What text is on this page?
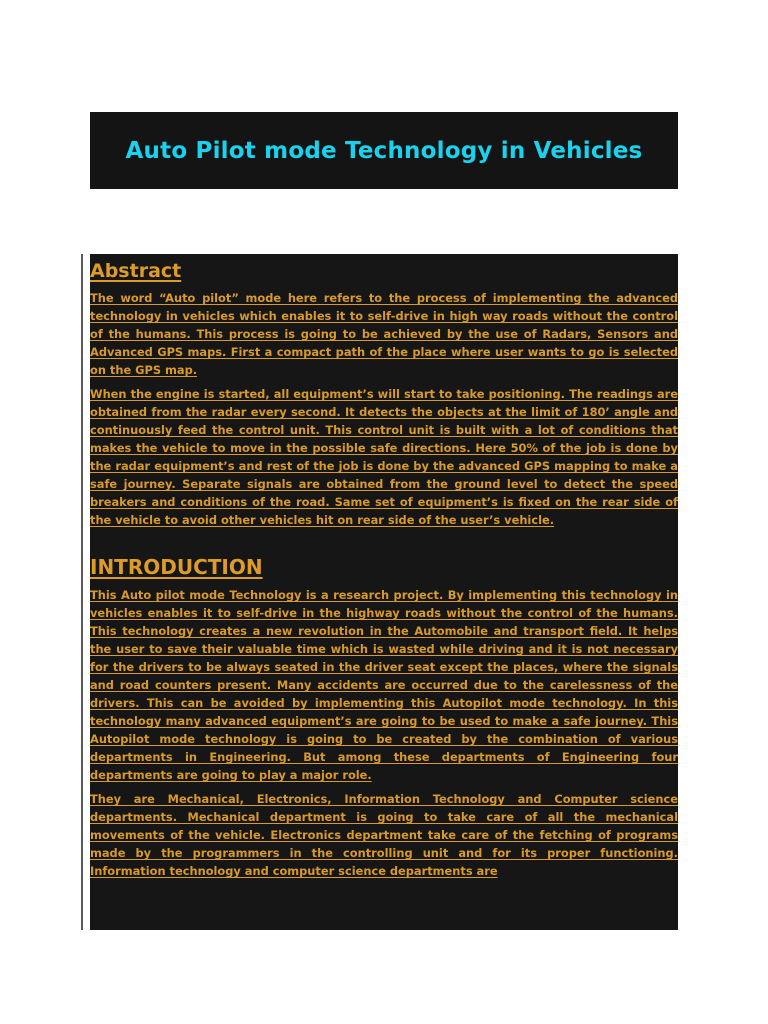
Auto Pilot mode Technology in Vehicles
Abstract

The word “Auto pilot” mode here refers to the process of implementing the advanced technology in vehicles which enables it to self-drive in high way roads without the control of the humans. This process is going to be achieved by the use of Radars, Sensors and Advanced GPS maps. First a compact path of the place where user wants to go is selected on the GPS map.

When the engine is started, all equipment’s will start to take positioning. The readings are obtained from the radar every second. It detects the objects at the limit of 180’ angle and continuously feed the control unit. This control unit is built with a lot of conditions that makes the vehicle to move in the possible safe directions. Here 50% of the job is done by the radar equipment’s and rest of the job is done by the advanced GPS mapping to make a safe journey. Separate signals are obtained from the ground level to detect the speed breakers and conditions of the road. Same set of equipment’s is fixed on the rear side of the vehicle to avoid other vehicles hit on rear side of the user’s vehicle.

INTRODUCTION

This Auto pilot mode Technology is a research project. By implementing this technology in vehicles enables it to self-drive in the highway roads without the control of the humans. This technology creates a new revolution in the Automobile and transport field. It helps the user to save their valuable time which is wasted while driving and it is not necessary for the drivers to be always seated in the driver seat except the places, where the signals and road counters present. Many accidents are occurred due to the carelessness of the drivers. This can be avoided by implementing this Autopilot mode technology. In this technology many advanced equipment’s are going to be used to make a safe journey. This Autopilot mode technology is going to be created by the combination of various departments in Engineering. But among these departments of Engineering four departments are going to play a major role.

They are Mechanical, Electronics, Information Technology and Computer science departments. Mechanical department is going to take care of all the mechanical movements of the vehicle. Electronics department take care of the fetching of programs made by the programmers in the controlling unit and for its proper functioning. Information technology and computer science departments are
